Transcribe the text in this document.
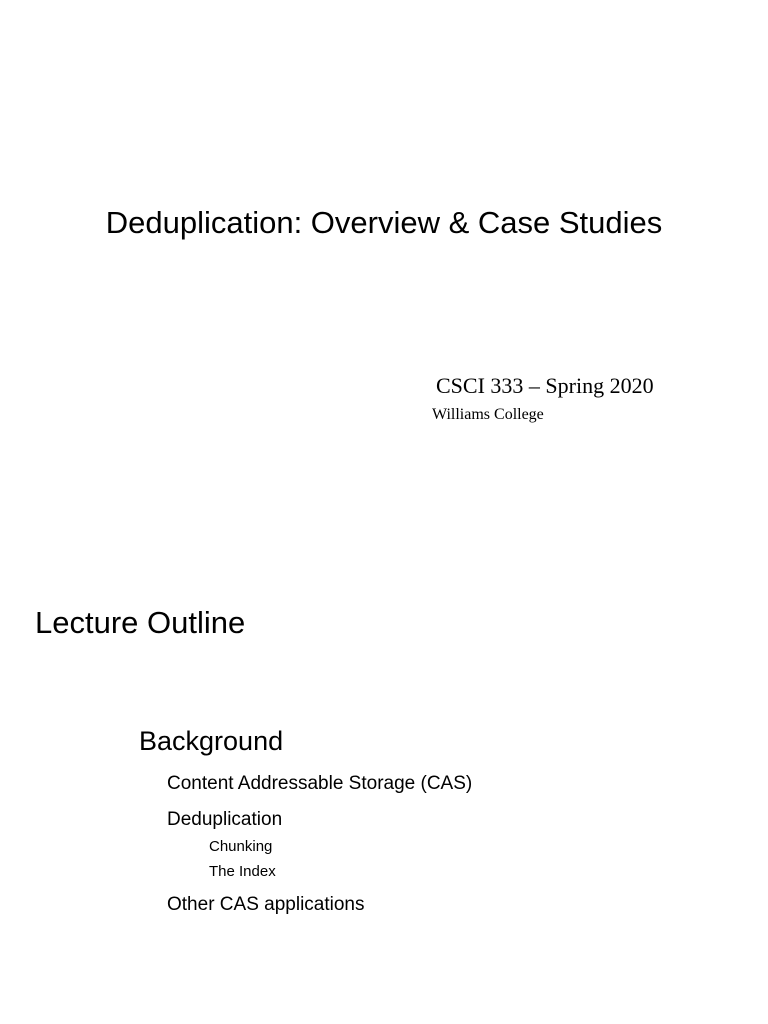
Deduplication: Overview & Case Studies
CSCI 333 – Spring 2020
Williams College
Lecture Outline
Background
Content Addressable Storage (CAS)
Deduplication
Chunking
The Index
Other CAS applications
